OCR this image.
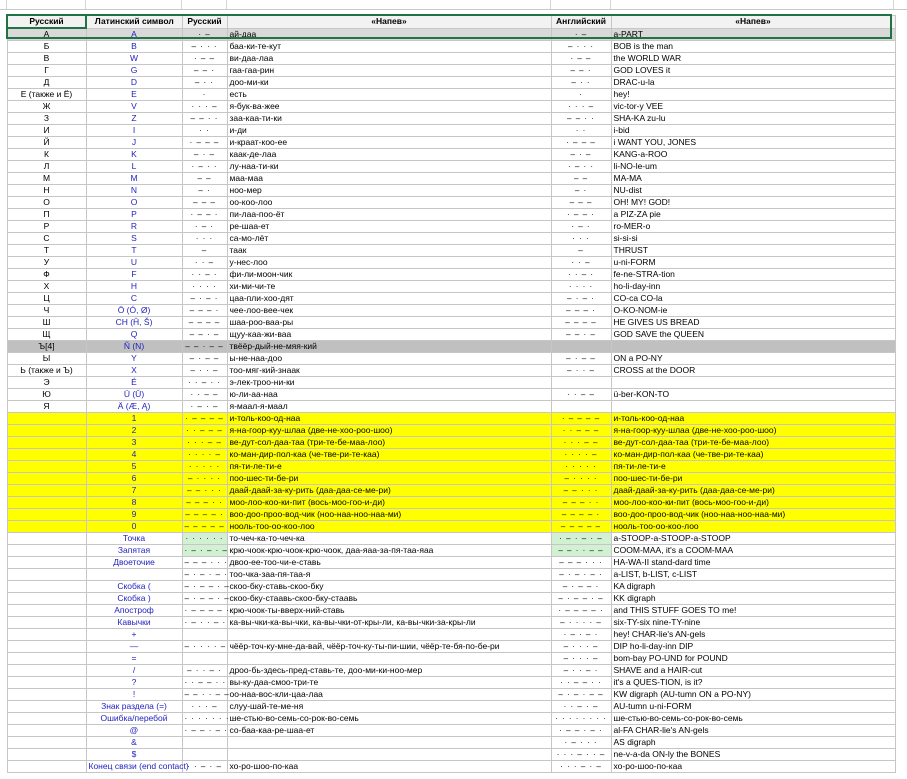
Русский	Латинский символ	Русский	«Напев»	Английский	«Напев»
А	A	· –	ай-даа	· –	a-PART
Б	B	– · · ·	баа-ки-те-кут	– · · ·	BOB is the man
В	W	· – –	ви-даа-лаа	· – –	the WORLD WAR
Г	G	– – ·	гаа-гаа-рин	– – ·	GOD LOVES it
Д	D	– · ·	доо-ми-ки	– · ·	DRAC-u-la
Е (также и Ё)	E	·	есть	·	hey!
Ж	V	· · · –	я-бук-ва-жее	· · · –	vic-tor-y VEE
З	Z	– – · ·	заа-каа-ти-ки	– – · ·	SHA-KA zu-lu
И	I	· ·	и-ди	· ·	i-bid
Й	J	· – – –	и-краат-коо-ее	· – – –	i WANT YOU, JONES
К	K	– · –	каак-де-лаа	– · –	KANG-a-ROO
Л	L	· – · ·	лу-наа-ти-ки	· – · ·	li-NO-le-um
М	M	– –	маа-маа	– –	MA-MA
Н	N	– ·	ноо-мер	– ·	NU-dist
О	O	– – –	оо-коо-лоо	– – –	OH! MY! GOD!
П	P	· – – ·	пи-лаа-поо-ёт	· – – ·	a PIZ-ZA pie
Р	R	· – ·	ре-шаа-ет	· – ·	ro-MER-o
С	S	· · ·	са-мо-лёт	· · ·	si-si-si
Т	T	–	таак	–	THRUST
У	U	· · –	у-нес-лоо	· · –	u-ni-FORM
Ф	F	· · – ·	фи-ли-моон-чик	· · – ·	fe-ne-STRA-tion
Х	H	· · · ·	хи-ми-чи-те	· · · ·	ho-li-day-inn
Ц	C	– · – ·	цаа-пли-хоо-дят	– · – ·	CO-ca CO-la
Ч	Ö (Ó, Ø)	– – – ·	чее-лоо-вее-чек	– – – ·	O-KO-NOM-ie
Ш	CH (Ĥ, Š)	– – – –	шаа-роо-ваа-ры	– – – –	HE GIVES US BREAD
Щ	Q	– – · –	щуу-каа-жи-ваа	– – · –	GOD SAVE the QUEEN
Ъ[4]	Ñ (N)	– – · – –	твёёр-дый-не-мяя-кий		
Ы	Y	– · – –	ы-не-наа-доо	– · – –	ON a PO-NY
Ь (также и Ъ)	X	– · · –	тоо-мяг-кий-знаак	– · · –	CROSS at the DOOR
Э	É	· · – · ·	э-лек-троо-ни-ки		
Ю	Ü (Ŭ)	· · – –	ю-ли-аа-наа	· · – –	ü-ber-KON-TO
Я	Ä (Æ, Ą)	· – · –	я-маал-я-маал		
	1	· – – – –	и-толь-коо-од-наа	· – – – –	и-толь-коо-од-наа
	2	· · – – –	я-на-гоор-куу-шлаа (две-не-хоо-роо-шоо)	· · – – –	я-на-гоор-куу-шлаа (две-не-хоо-роо-шоо)
	3	· · · – –	ве-дут-сол-даа-таа (три-те-бе-маа-лоо)	· · · – –	ве-дут-сол-даа-таа (три-те-бе-маа-лоо)
	4	· · · · –	ко-ман-дир-пол-каа (че-тве-ри-те-каа)	· · · · –	ко-ман-дир-пол-каа (че-тве-ри-те-каа)
	5	· · · · ·	пя-ти-ле-ти-е	· · · · ·	пя-ти-ле-ти-е
	6	– · · · ·	поо-шес-ти-бе-ри	– · · · ·	поо-шес-ти-бе-ри
	7	– – · · ·	даай-даай-за-ку-рить (даа-даа-се-ме-ри)	– – · · ·	даай-даай-за-ку-рить (даа-даа-се-ме-ри)
	8	– – – · ·	моо-лоо-коо-ки-пит (вось-моо-гоо-и-ди)	– – – · ·	моо-лоо-коо-ки-пит (вось-моо-гоо-и-ди)
	9	– – – – ·	воо-доо-проо-вод-чик (ноо-наа-ноо-наа-ми)	– – – – ·	воо-доо-проо-вод-чик (ноо-наа-ноо-наа-ми)
	0	– – – – –	нооль-тоо-оо-коо-лоо	– – – – –	нооль-тоо-оо-коо-лоо
	Точка	· · · · · ·	то-чеч-ка-то-чеч-ка	· – · – · –	a-STOOP-a-STOOP-a-STOOP
	Запятая	· – · – · –	крю-чоок-крю-чоок-крю-чоок, даа-яаа-за-пя-таа-яаа	– – · · – –	COOM-MAA, it's a COOM-MAA
	Двоеточие	– – – · · ·	двоо-ее-тоо-чи-е-ставь	– – – · · ·	HA-WA-II stand-dard time
		– · – · – ·	тоо-чка-заа-пя-таа-я	– · – · – ·	a-LIST, b-LIST, c-LIST
	Скобка (	– · – – · –	скоо-бку-ставь-скоо-бку	– · – – ·	KA digraph
	Скобка )	– · – – · –	скоо-бку-стаавь-скоо-бку-стаавь	– · – – · –	KK digraph
	Апостроф	· – – – – ·	крю-чоок-ты-вверх-ний-ставь	· – – – – ·	and THIS STUFF GOES TO me!
	Кавычки	· – · · – ·	ка-вы-чки-ка-вы-чки, ка-вы-чки-от-кры-ли, ка-вы-чки-за-кры-ли	– · · · · –	six-TY-six nine-TY-nine
	+			· – · – ·	hey! CHAR-lie's AN-gels
	—	– · · · · –	чёёр-точ-ку-мне-да-вай, чёёр-точ-ку-ты-пи-шии, чёёр-те-бя-по-бе-ри	– · · · –	DIP ho-li-day-inn DIP
	=			– · · · –	bom-bay PO-UND for POUND
	/	– · · – ·	дроо-бь-здесь-пред-ставь-те, доо-ми-ки-ноо-мер	– · · – ·	SHAVE and a HAIR-cut
	?	· · – – · ·	вы-ку-даа-смоо-три-те	· · – – · ·	it's a QUES-TION, is it?
	!	– – · · – –	оо-наа-вос-кли-цаа-лаа	– · – · – –	KW digraph (AU-tumn ON a PO-NY)
	Знак раздела (=)	· · · –	слуу-шай-те-ме-ня	· · – · –	AU-tumn u-ni-FORM
	Ошибка/перебой	· · · · · · · ·	ше-стью-во-семь-со-рок-во-семь	· · · · · · · ·	ше-стью-во-семь-со-рок-во-семь
	@	· – – · – ·	со-баа-каа-ре-шаа-ет	· – – · – ·	al-FA CHAR-lie's AN-gels
	&			· – · · ·	AS digraph
	$			· · · – · · –	ne-v-a-da ON-ly the BONES
	Конец связи (end contact)	· · – · –	хо-ро-шоо-по-каа	· · · – · –	хо-ро-шоо-по-каа
